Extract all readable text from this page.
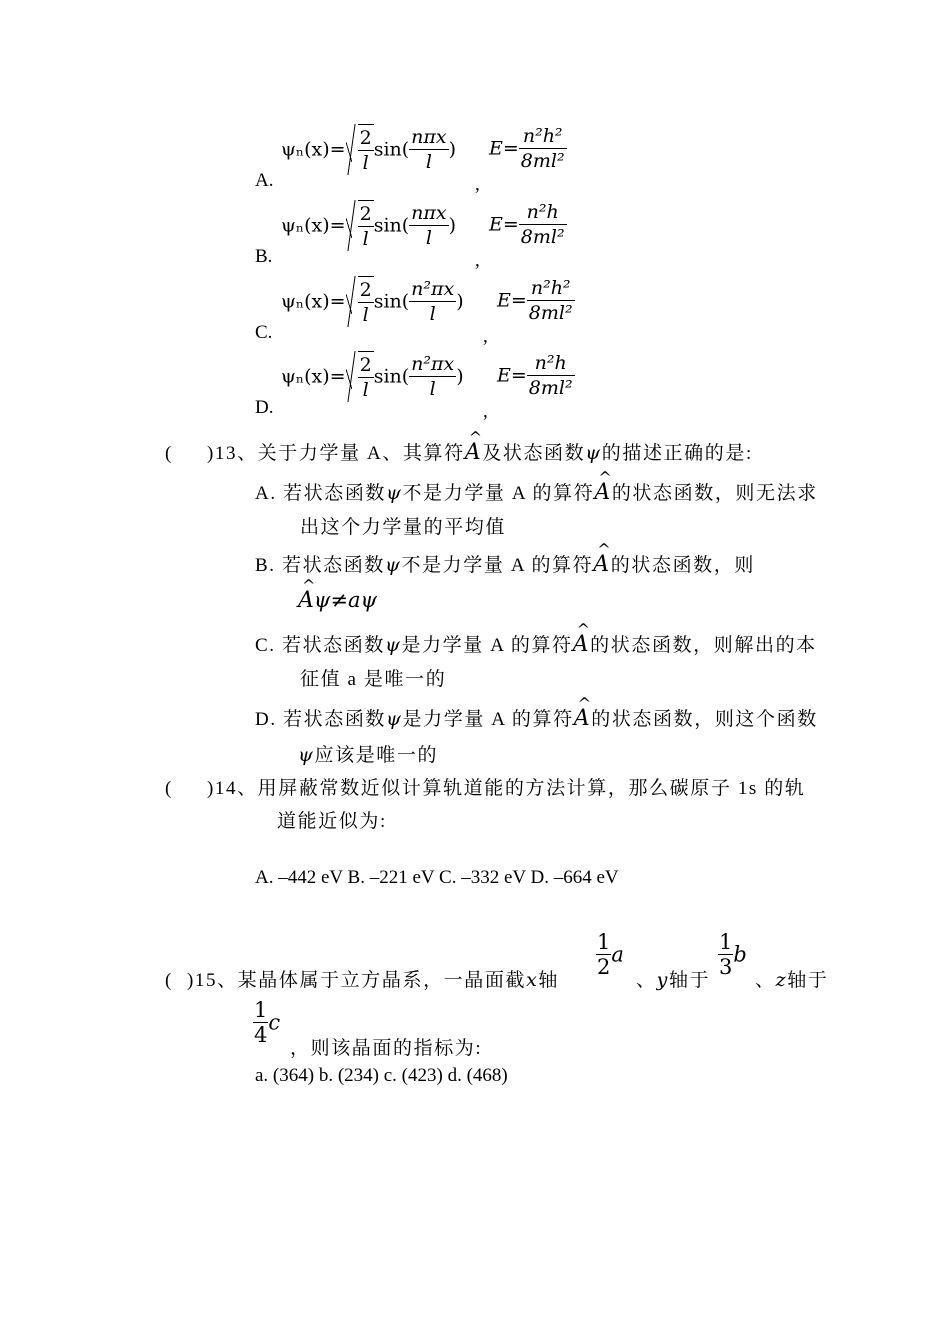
A.
$\psi_n(x)= \frac{2}{l} \sin( \frac{\text{nπx}}{l}$ )
,
$E= \frac{\text{n²h²}}{\text{8ml²}}$
B.
$\psi_n(x)= \frac{2}{l} \sin( \frac{\text{nπx}}{l}$ )
,
$E= \frac{\text{n²h}}{\text{8ml²}}$
C.
$\psi_n(x)= \frac{2}{l} \sin( \frac{\text{n²πx}}{l}$ )
,
$E= \frac{\text{n²h²}}{\text{8ml²}}$
D.
$\psi_n(x)= \frac{2}{l} \sin( \frac{\text{n²πx}}{l}$ )
,
$E= \frac{\text{n²h}}{\text{8ml²}}$
( )13、关于力学量 A、其算符^ A及状态函数ψ的描述正确的是:
A. 若状态函数ψ不是力学量 A 的算符^ A的状态函数，则无法求
出这个力学量的平均值
B. 若状态函数ψ不是力学量 A 的算符^ A的状态函数，则
^ Aψ≠aψ
C. 若状态函数ψ是力学量 A 的算符^ A的状态函数，则解出的本
征值 a 是唯一的
D. 若状态函数ψ是力学量 A 的算符^ A的状态函数，则这个函数
ψ应该是唯一的
( )14、用屏蔽常数近似计算轨道能的方法计算，那么碳原子 1s 的轨
道能近似为:
A. –442 eV B. –221 eV C. –332 eV D. –664 eV
( )15、某晶体属于立方晶系，一晶面截x轴
$\frac{1}{2}$ a
、y轴于
$\frac{1}{3}$ b
、z轴于
$\frac{1}{4}$ c
，则该晶面的指标为:
a. (364) b. (234) c. (423) d. (468)
